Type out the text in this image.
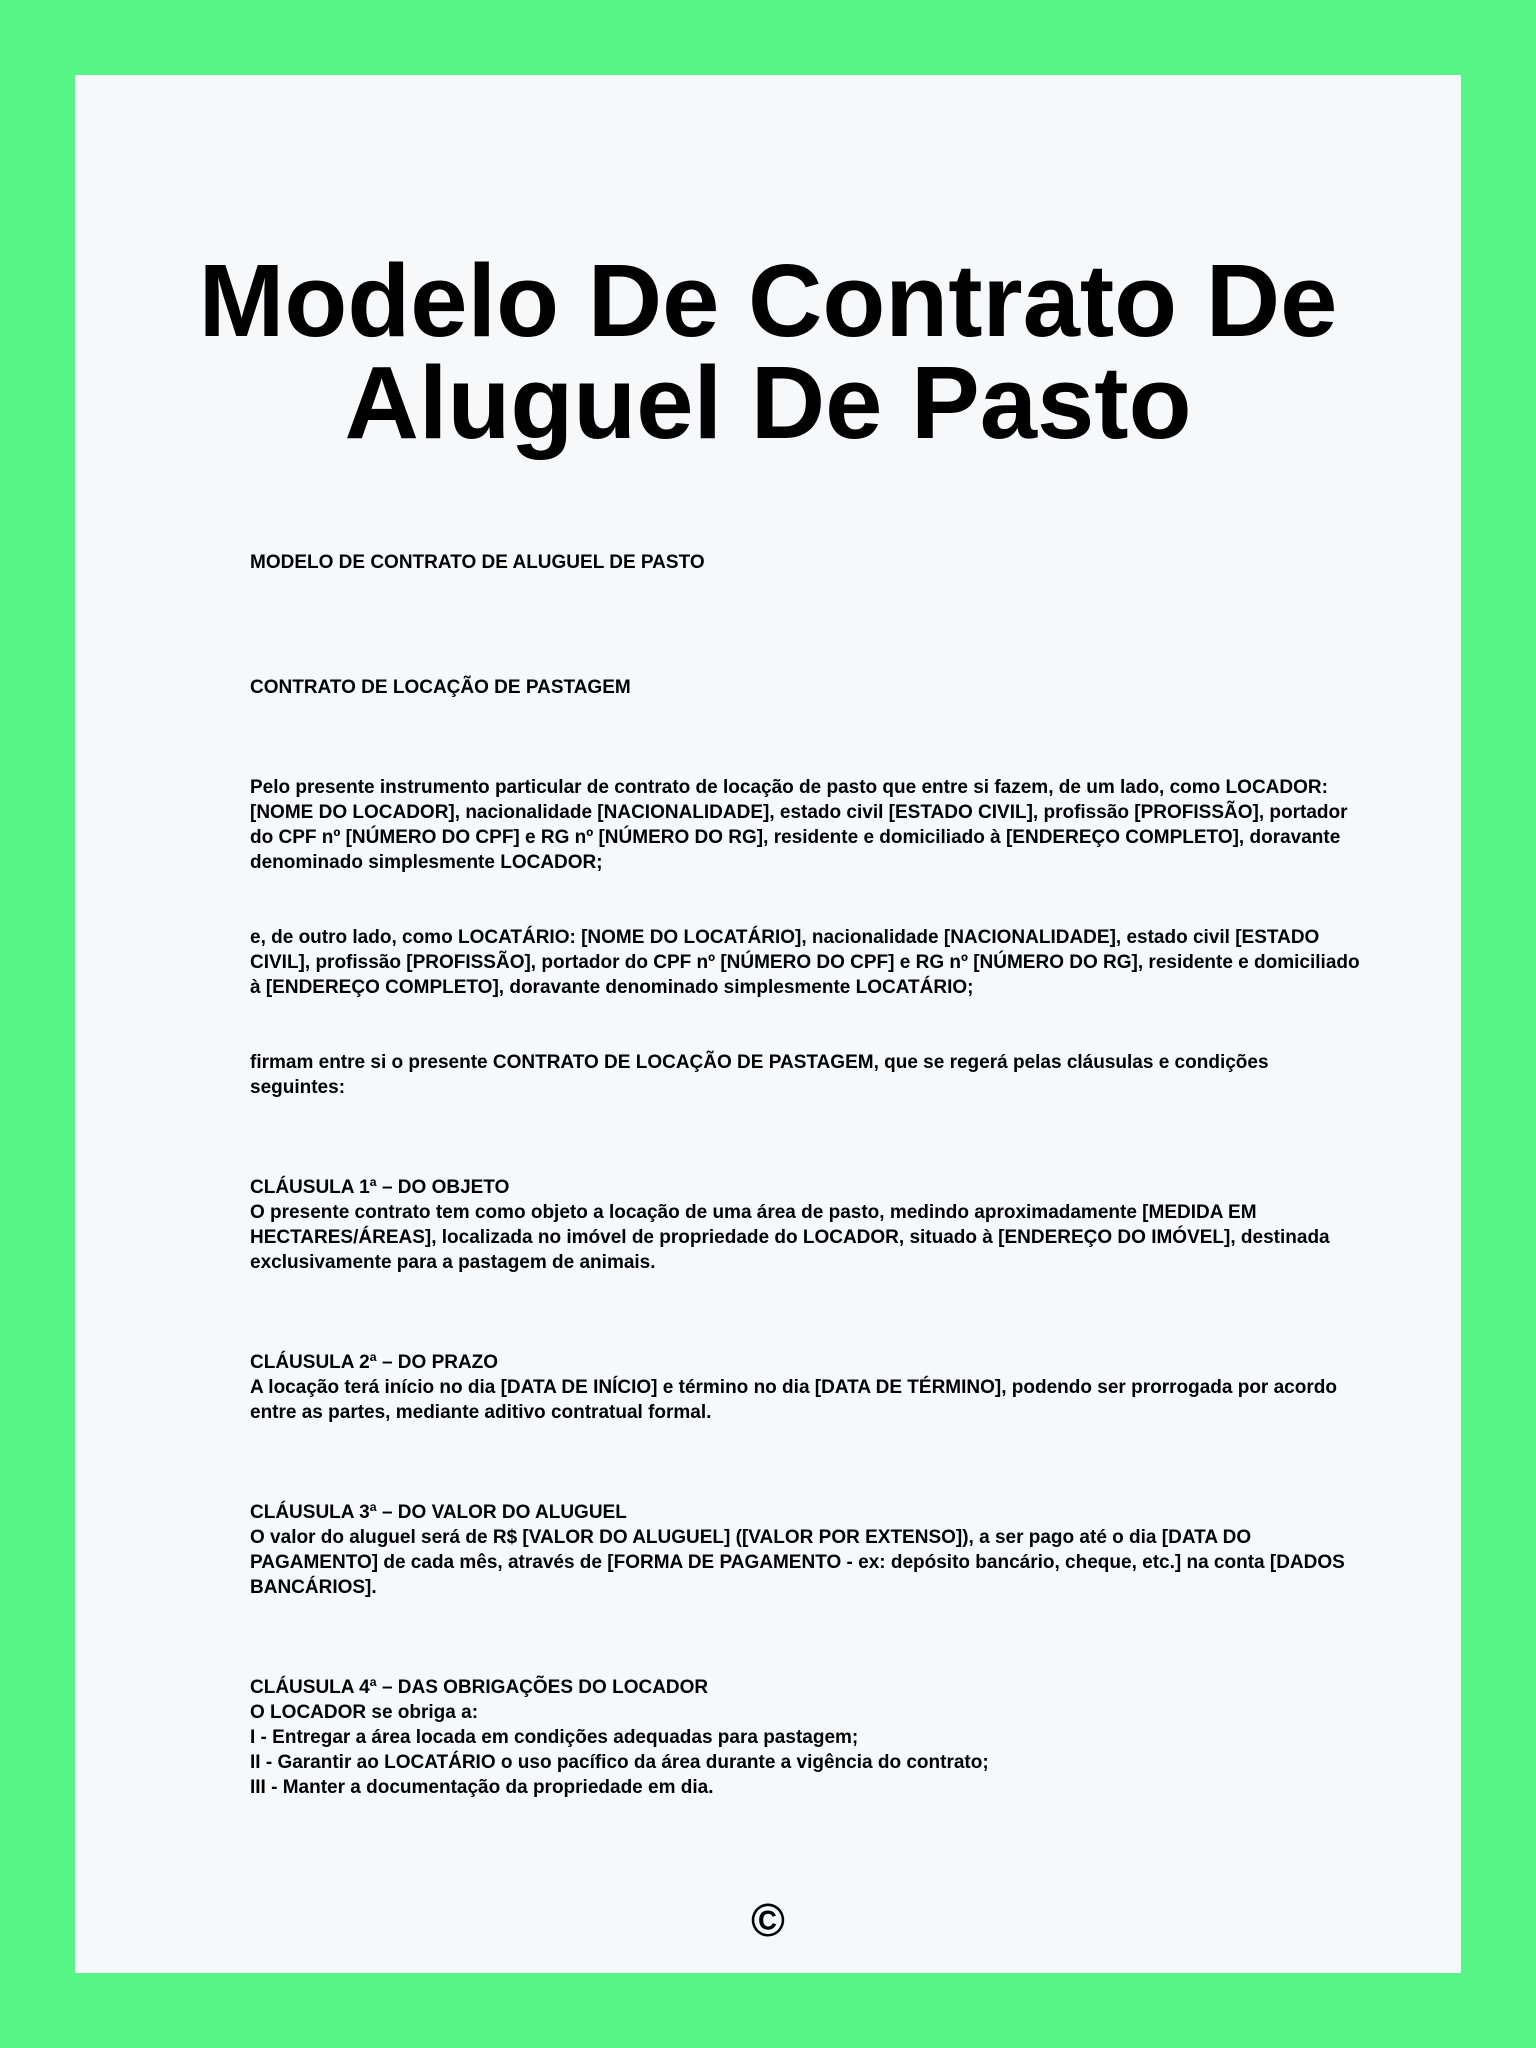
Modelo De Contrato De
Aluguel De Pasto

MODELO DE CONTRATO DE ALUGUEL DE PASTO

CONTRATO DE LOCAÇÃO DE PASTAGEM

Pelo presente instrumento particular de contrato de locação de pasto que entre si fazem, de um lado, como LOCADOR: [NOME DO LOCADOR], nacionalidade [NACIONALIDADE], estado civil [ESTADO CIVIL], profissão [PROFISSÃO], portador do CPF nº [NÚMERO DO CPF] e RG nº [NÚMERO DO RG], residente e domiciliado à [ENDEREÇO COMPLETO], doravante denominado simplesmente LOCADOR;

e, de outro lado, como LOCATÁRIO: [NOME DO LOCATÁRIO], nacionalidade [NACIONALIDADE], estado civil [ESTADO CIVIL], profissão [PROFISSÃO], portador do CPF nº [NÚMERO DO CPF] e RG nº [NÚMERO DO RG], residente e domiciliado à [ENDEREÇO COMPLETO], doravante denominado simplesmente LOCATÁRIO;

firmam entre si o presente CONTRATO DE LOCAÇÃO DE PASTAGEM, que se regerá pelas cláusulas e condições seguintes:

CLÁUSULA 1ª – DO OBJETO

O presente contrato tem como objeto a locação de uma área de pasto, medindo aproximadamente [MEDIDA EM HECTARES/ÁREAS], localizada no imóvel de propriedade do LOCADOR, situado à [ENDEREÇO DO IMÓVEL], destinada exclusivamente para a pastagem de animais.

CLÁUSULA 2ª – DO PRAZO

A locação terá início no dia [DATA DE INÍCIO] e término no dia [DATA DE TÉRMINO], podendo ser prorrogada por acordo entre as partes, mediante aditivo contratual formal.

CLÁUSULA 3ª – DO VALOR DO ALUGUEL

O valor do aluguel será de R$ [VALOR DO ALUGUEL] ([VALOR POR EXTENSO]), a ser pago até o dia [DATA DO PAGAMENTO] de cada mês, através de [FORMA DE PAGAMENTO - ex: depósito bancário, cheque, etc.] na conta [DADOS BANCÁRIOS].

CLÁUSULA 4ª – DAS OBRIGAÇÕES DO LOCADOR

O LOCADOR se obriga a:

I - Entregar a área locada em condições adequadas para pastagem;

II - Garantir ao LOCATÁRIO o uso pacífico da área durante a vigência do contrato;

III - Manter a documentação da propriedade em dia.

©
